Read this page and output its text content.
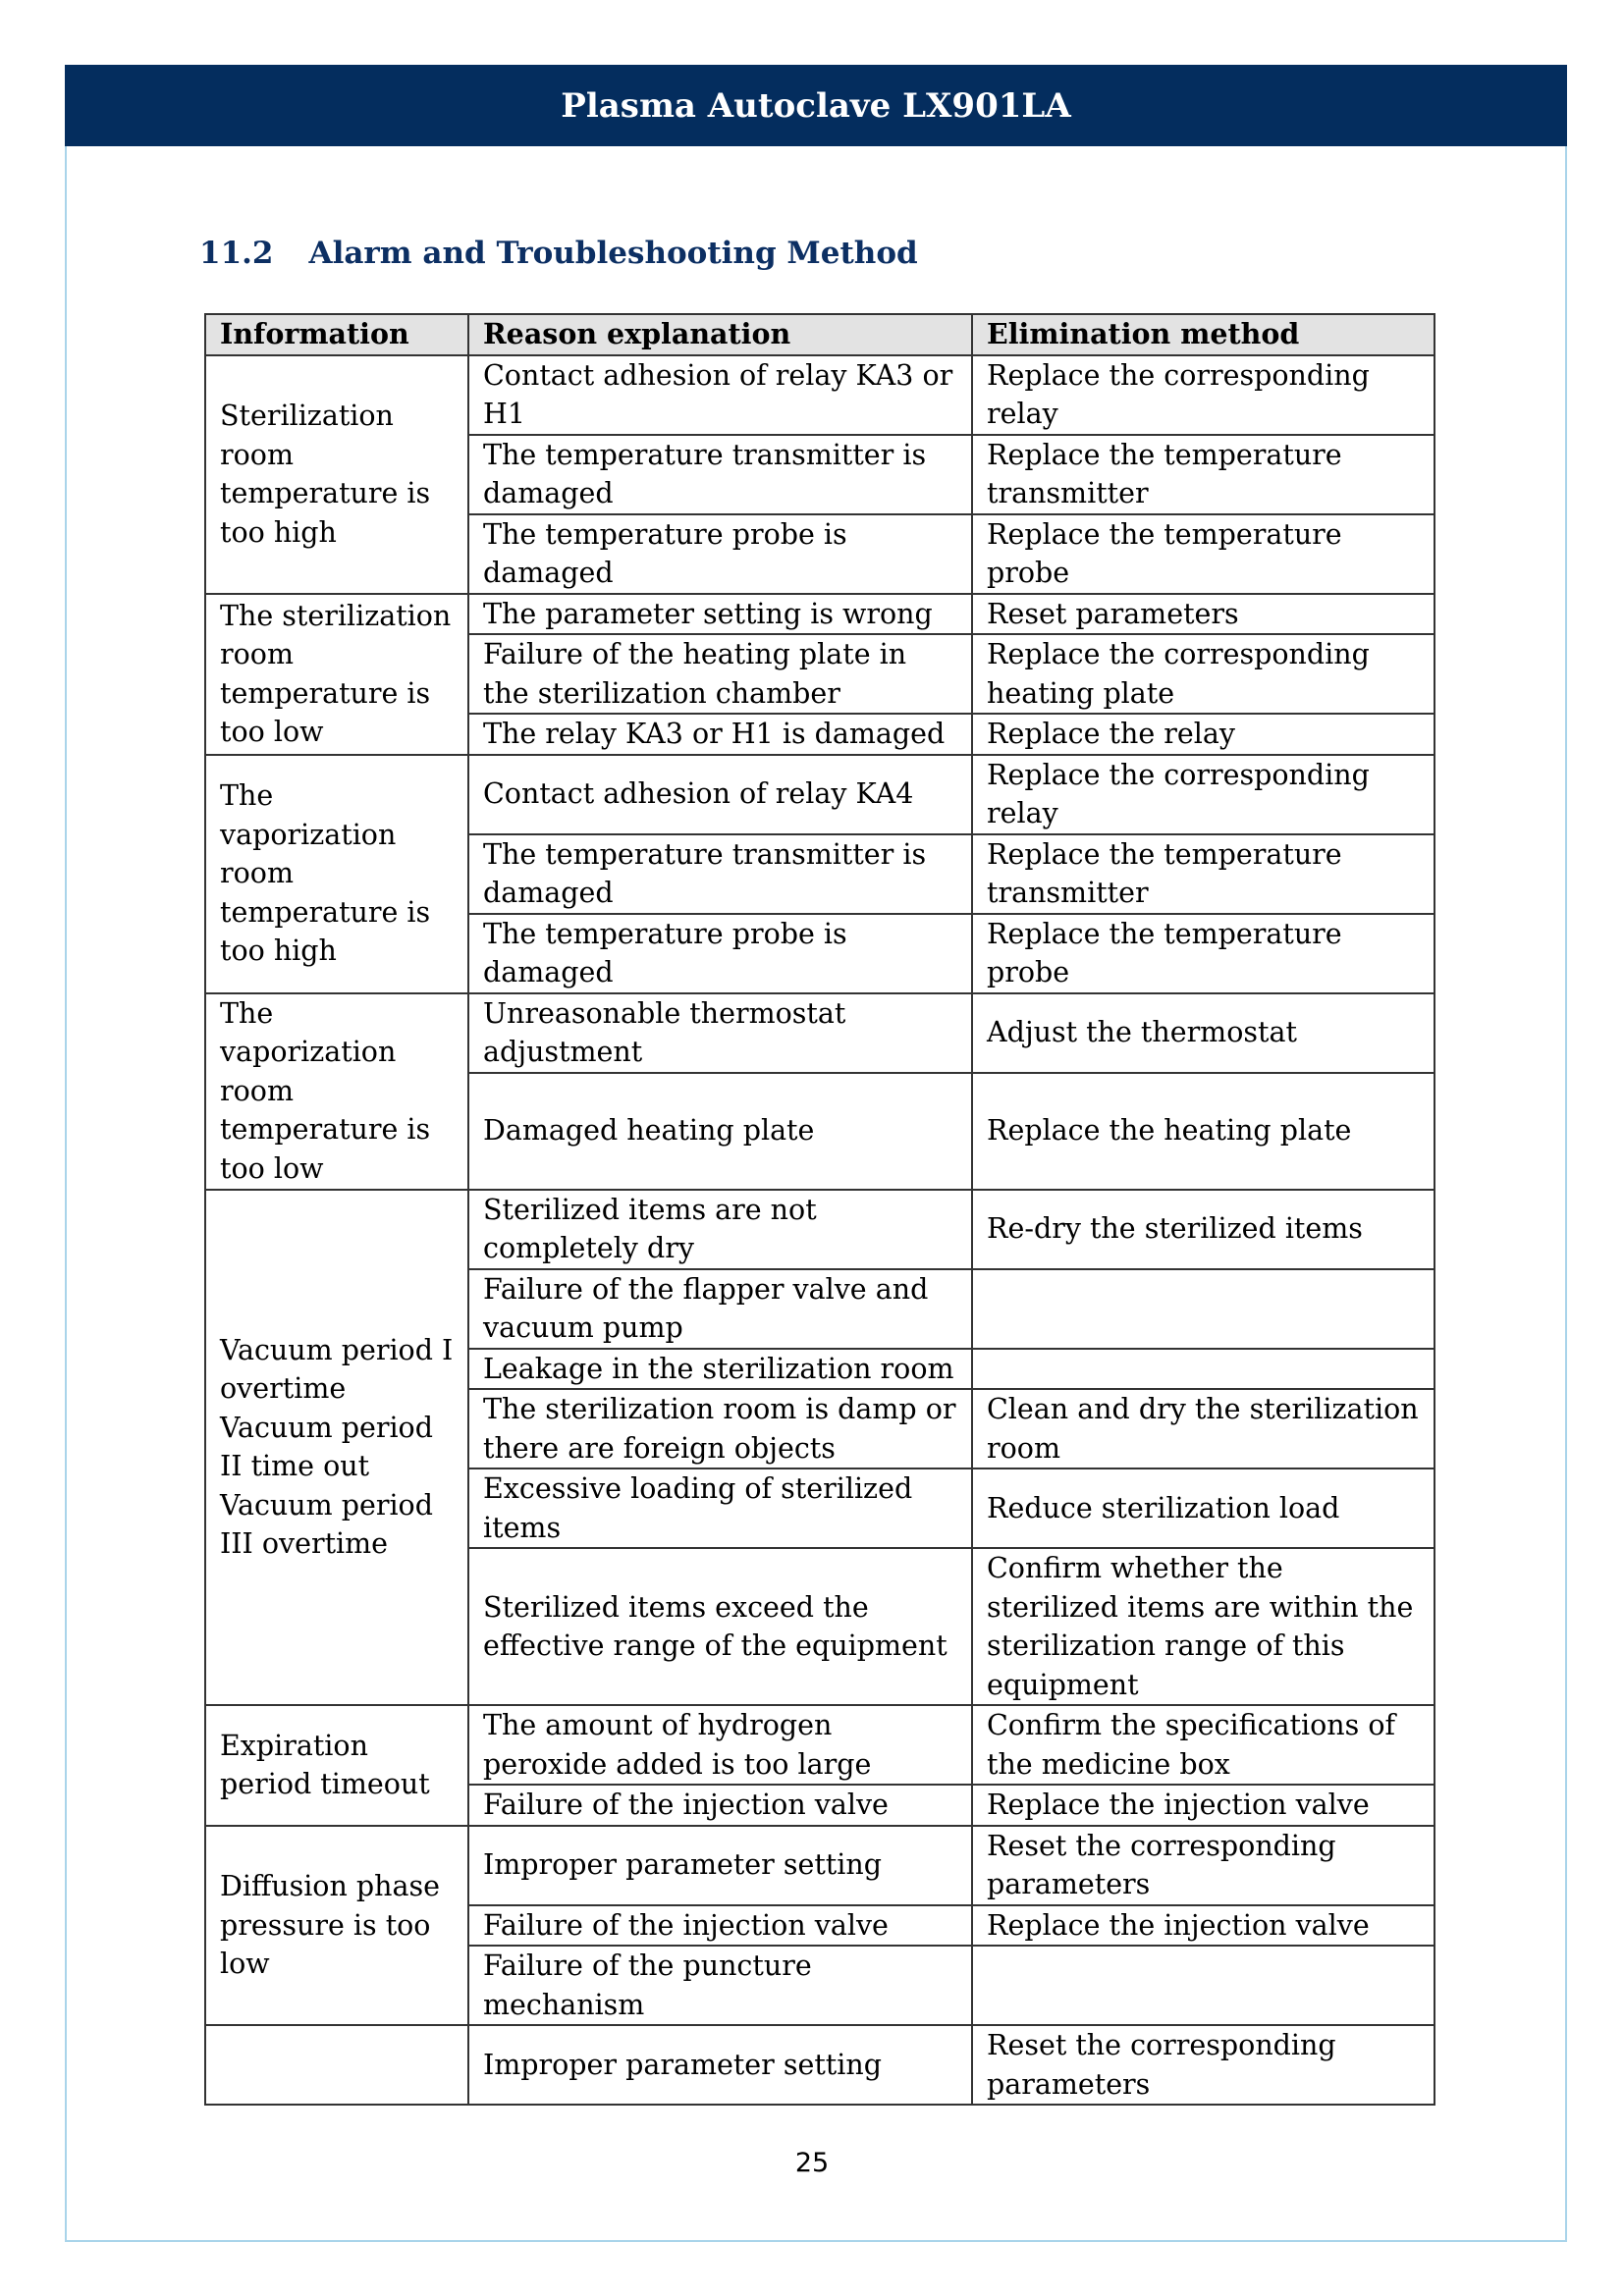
Plasma Autoclave LX901LA
11.2 Alarm and Troubleshooting Method
Information	Reason explanation	Elimination method
Sterilization room temperature is too high	Contact adhesion of relay KA3 or H1	Replace the corresponding relay
	The temperature transmitter is damaged	Replace the temperature transmitter
	The temperature probe is damaged	Replace the temperature probe
The sterilization room temperature is too low	The parameter setting is wrong	Reset parameters
	Failure of the heating plate in the sterilization chamber	Replace the corresponding heating plate
	The relay KA3 or H1 is damaged	Replace the relay
The vaporization room temperature is too high	Contact adhesion of relay KA4	Replace the corresponding relay
	The temperature transmitter is damaged	Replace the temperature transmitter
	The temperature probe is damaged	Replace the temperature probe
The vaporization room temperature is too low	Unreasonable thermostat adjustment	Adjust the thermostat
	Damaged heating plate	Replace the heating plate
Vacuum period I overtime Vacuum period II time out Vacuum period III overtime	Sterilized items are not completely dry	Re-dry the sterilized items
	Failure of the flapper valve and vacuum pump	
	Leakage in the sterilization room	
	The sterilization room is damp or there are foreign objects	Clean and dry the sterilization room
	Excessive loading of sterilized items	Reduce sterilization load
	Sterilized items exceed the effective range of the equipment	Confirm whether the sterilized items are within the sterilization range of this equipment
Expiration period timeout	The amount of hydrogen peroxide added is too large	Confirm the specifications of the medicine box
	Failure of the injection valve	Replace the injection valve
Diffusion phase pressure is too low	Improper parameter setting	Reset the corresponding parameters
	Failure of the injection valve	Replace the injection valve
	Failure of the puncture mechanism	
	Improper parameter setting	Reset the corresponding parameters
25
